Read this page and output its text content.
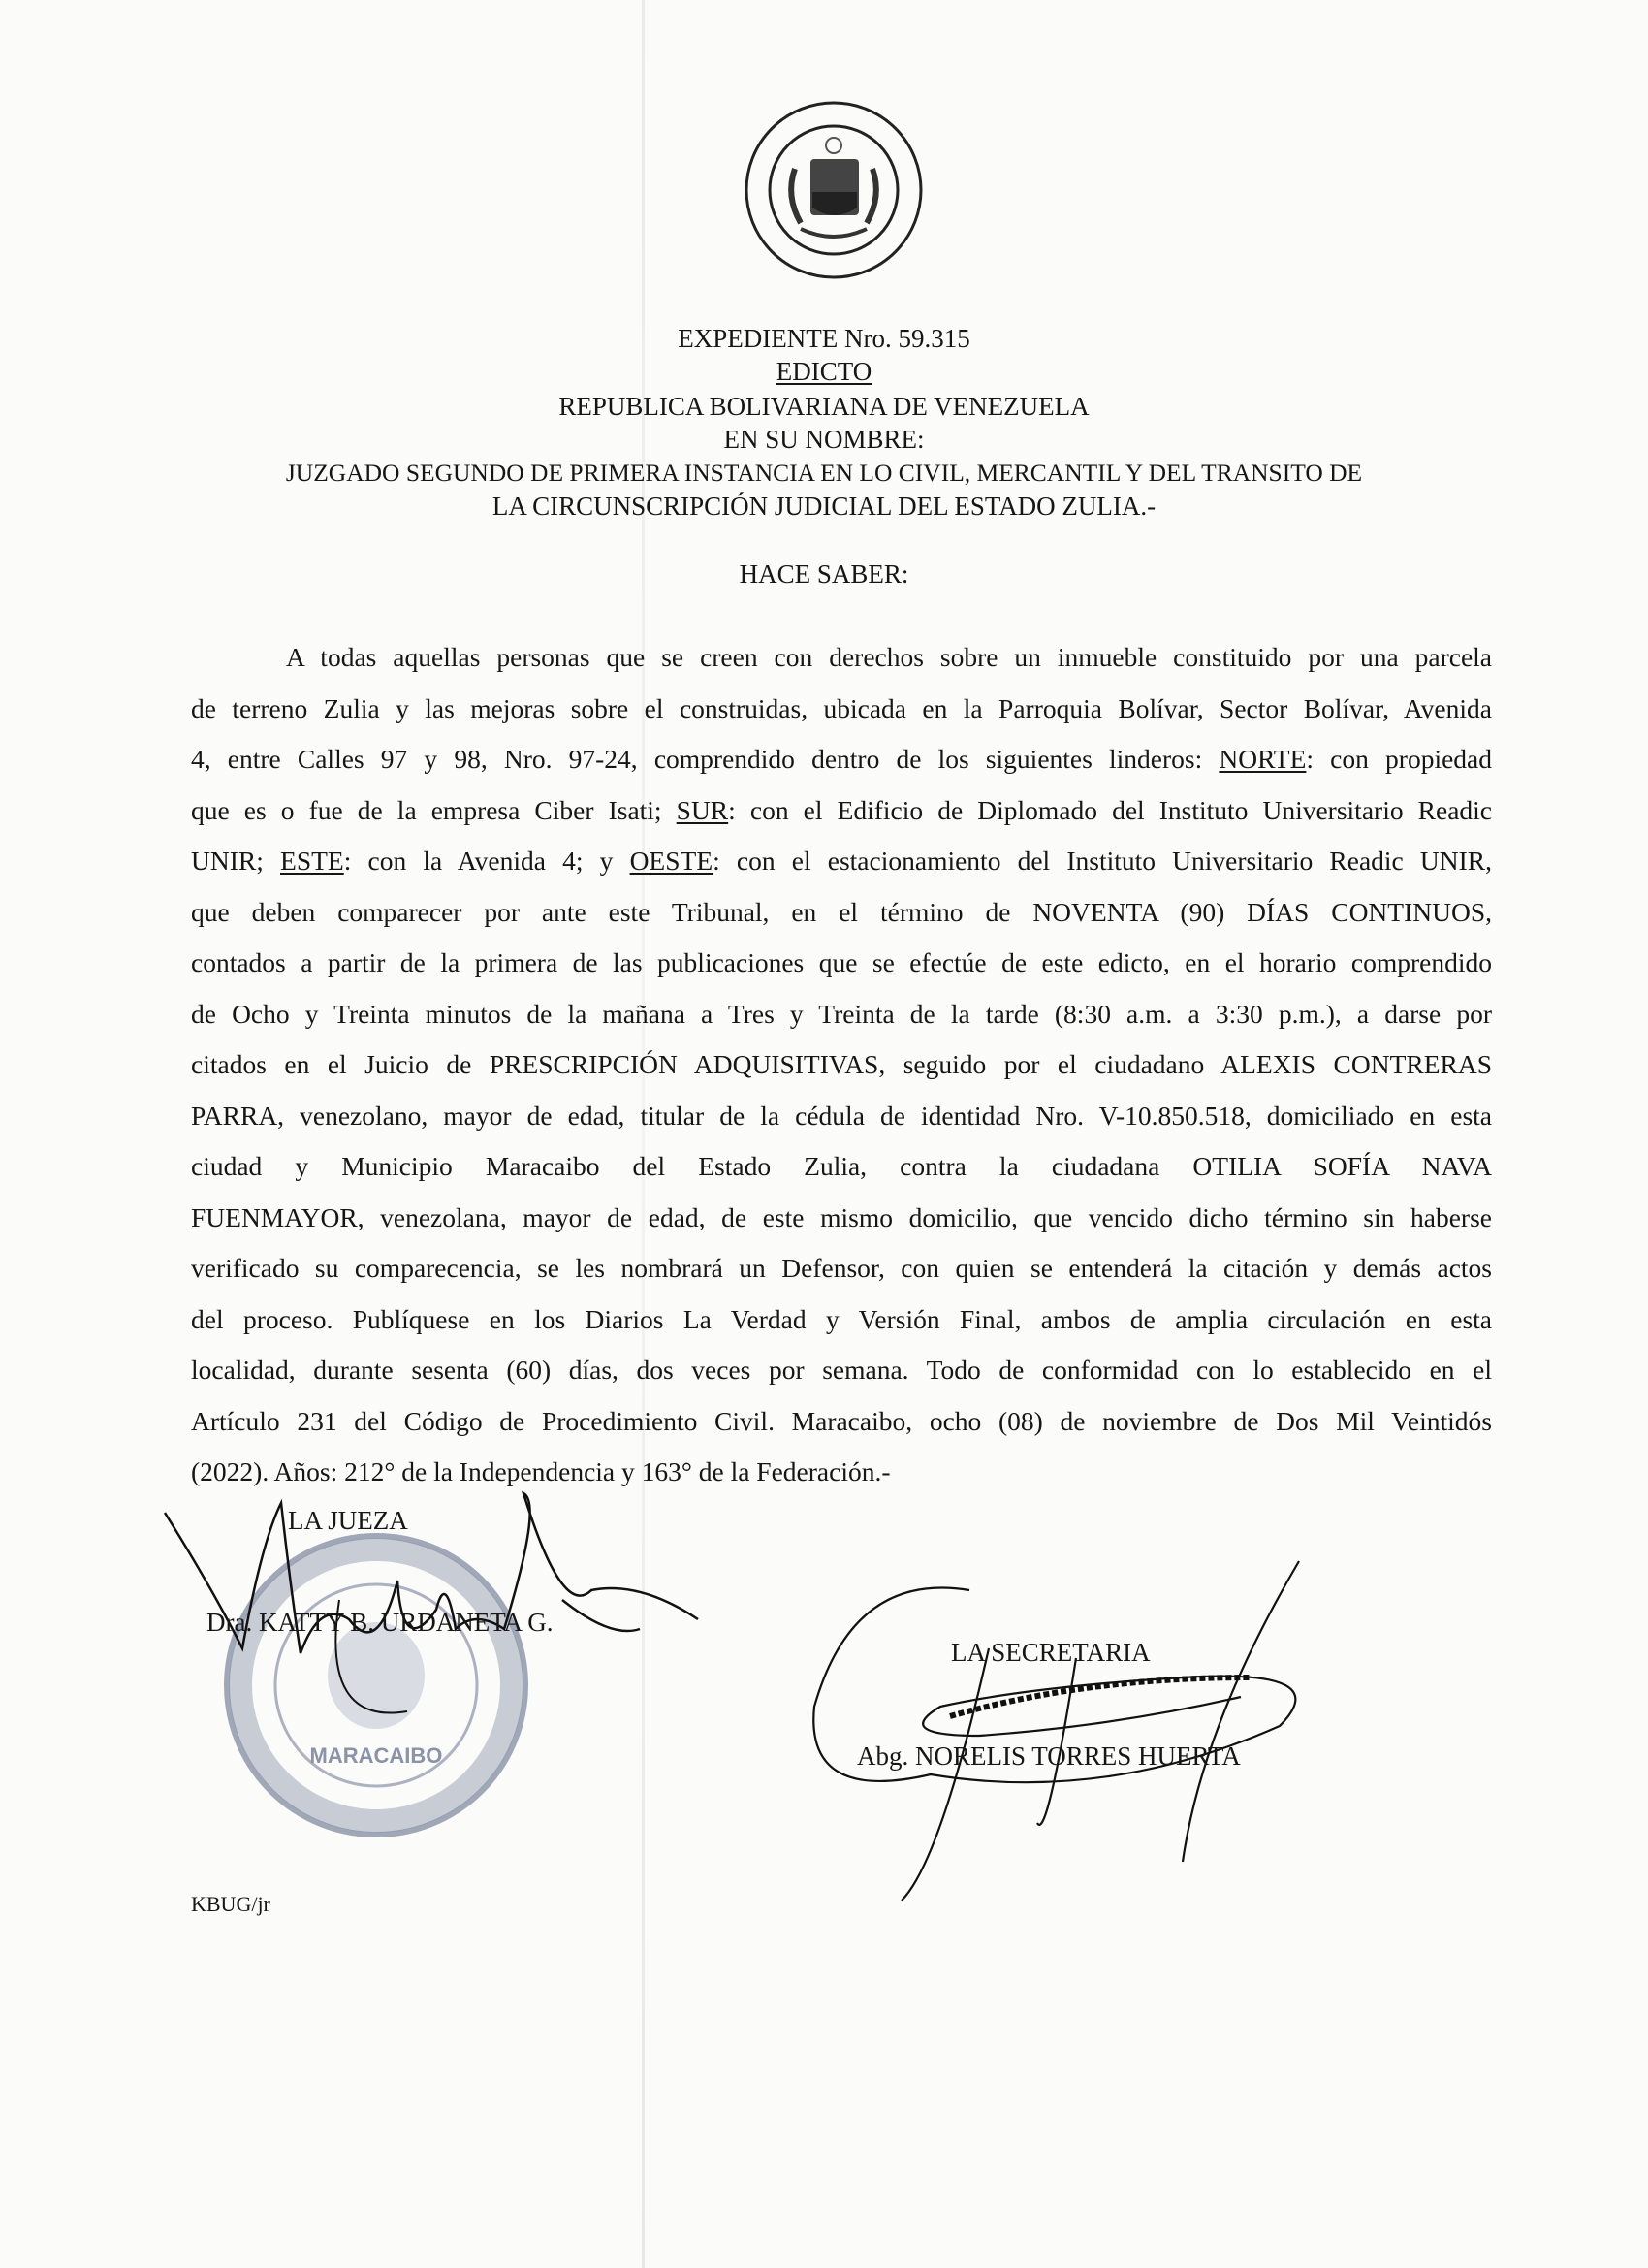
EXPEDIENTE Nro. 59.315
EDICTO
REPUBLICA BOLIVARIANA DE VENEZUELA
EN SU NOMBRE:
JUZGADO SEGUNDO DE PRIMERA INSTANCIA EN LO CIVIL, MERCANTIL Y DEL TRANSITO DE
LA CIRCUNSCRIPCIÓN JUDICIAL DEL ESTADO ZULIA.-
HACE SABER:
A todas aquellas personas que se creen con derechos sobre un inmueble constituido por una parcela
de terreno Zulia y las mejoras sobre el construidas, ubicada en la Parroquia Bolívar, Sector Bolívar, Avenida
4, entre Calles 97 y 98, Nro. 97-24, comprendido dentro de los siguientes linderos: NORTE: con propiedad
que es o fue de la empresa Ciber Isati; SUR: con el Edificio de Diplomado del Instituto Universitario Readic
UNIR; ESTE: con la Avenida 4; y OESTE: con el estacionamiento del Instituto Universitario Readic UNIR,
que deben comparecer por ante este Tribunal, en el término de NOVENTA (90) DÍAS CONTINUOS,
contados a partir de la primera de las publicaciones que se efectúe de este edicto, en el horario comprendido
de Ocho y Treinta minutos de la mañana a Tres y Treinta de la tarde (8:30 a.m. a 3:30 p.m.), a darse por
citados en el Juicio de PRESCRIPCIÓN ADQUISITIVAS, seguido por el ciudadano ALEXIS CONTRERAS
PARRA, venezolano, mayor de edad, titular de la cédula de identidad Nro. V-10.850.518, domiciliado en esta
ciudad y Municipio Maracaibo del Estado Zulia, contra la ciudadana OTILIA SOFÍA NAVA
FUENMAYOR, venezolana, mayor de edad, de este mismo domicilio, que vencido dicho término sin haberse
verificado su comparecencia, se les nombrará un Defensor, con quien se entenderá la citación y demás actos
del proceso. Publíquese en los Diarios La Verdad y Versión Final, ambos de amplia circulación en esta
localidad, durante sesenta (60) días, dos veces por semana. Todo de conformidad con lo establecido en el
Artículo 231 del Código de Procedimiento Civil. Maracaibo, ocho (08) de noviembre de Dos Mil Veintidós
(2022). Años: 212° de la Independencia y 163° de la Federación.-
MARACAIBO
LA JUEZA
Dra. KATTY B. URDANETA G.
LA SECRETARIA
Abg. NORELIS TORRES HUERTA
KBUG/jr
